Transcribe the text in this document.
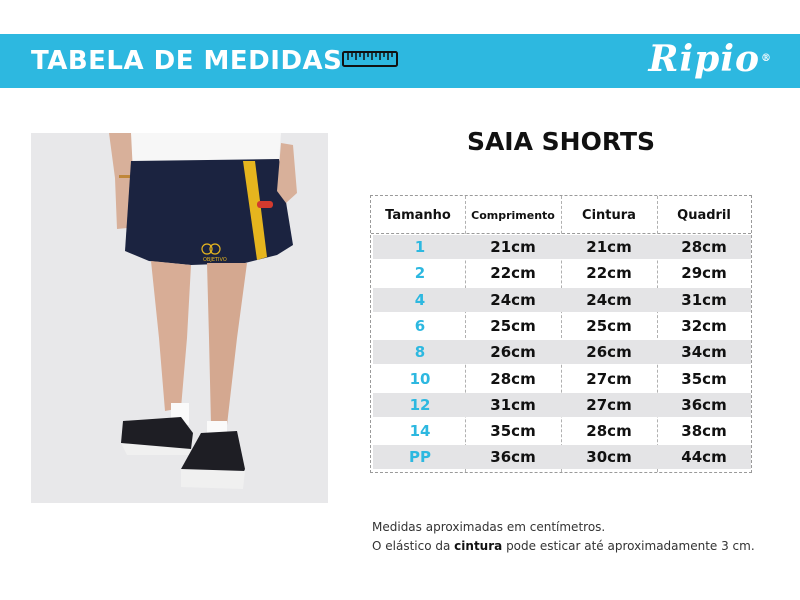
TABELA DE MEDIDAS	Ripio®
OBJETIVO
SAIA SHORTS
Tamanho	Comprimento	Cintura	Quadril
1	21cm	21cm	28cm
2	22cm	22cm	29cm
4	24cm	24cm	31cm
6	25cm	25cm	32cm
8	26cm	26cm	34cm
10	28cm	27cm	35cm
12	31cm	27cm	36cm
14	35cm	28cm	38cm
PP	36cm	30cm	44cm
Medidas aproximadas em centímetros.
O elástico da cintura pode esticar até aproximadamente 3 cm.
